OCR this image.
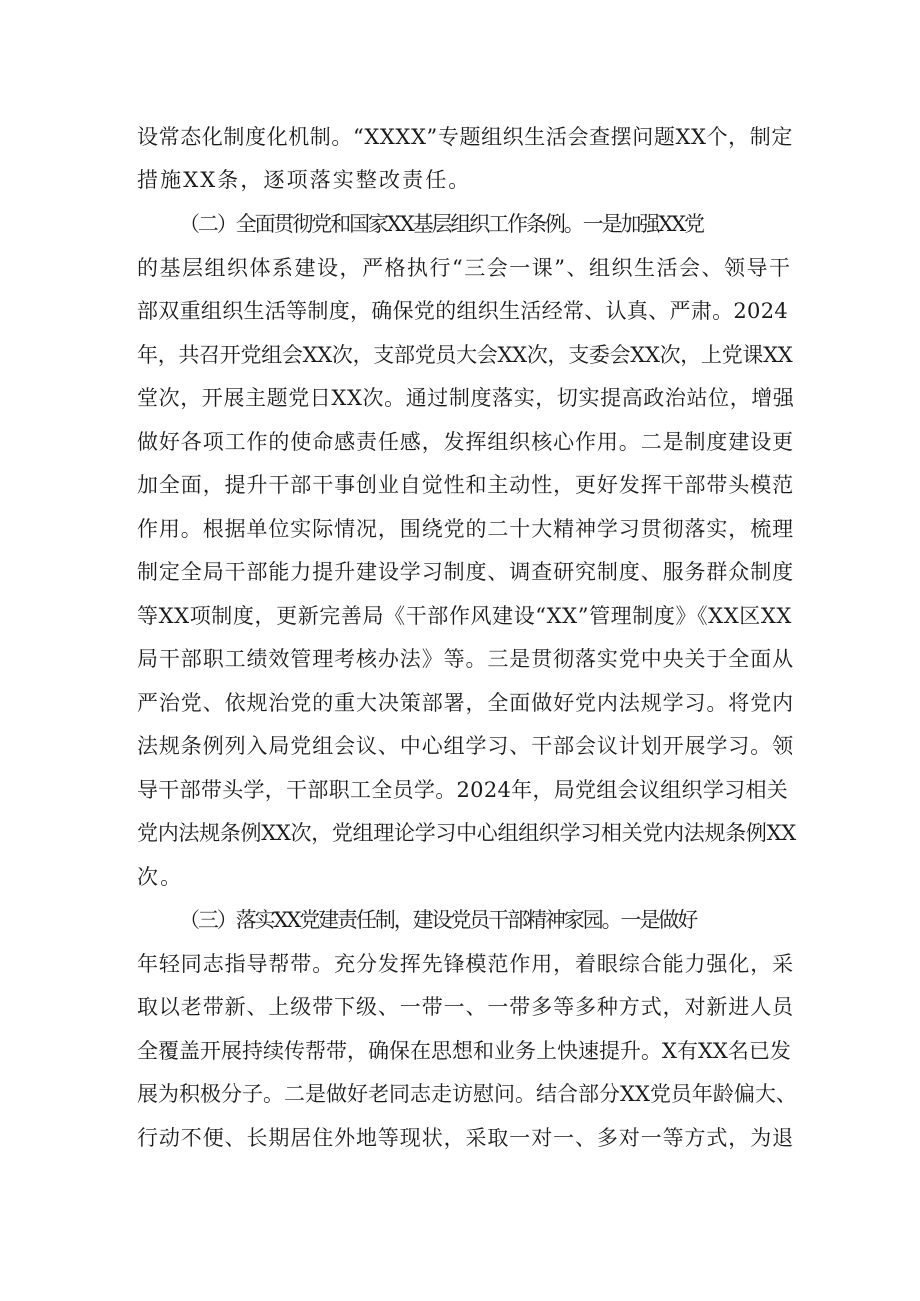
设常态化制度化机制。“XXXX”专题组织生活会查摆问题XX个，制定
措施XX条，逐项落实整改责任。
（二）全面贯彻党和国家XX基层组织工作条例。一是加强XX党
的基层组织体系建设，严格执行“三会一课”、组织生活会、领导干
部双重组织生活等制度，确保党的组织生活经常、认真、严肃。2024
年，共召开党组会XX次，支部党员大会XX次，支委会XX次，上党课XX
堂次，开展主题党日XX次。通过制度落实，切实提高政治站位，增强
做好各项工作的使命感责任感，发挥组织核心作用。二是制度建设更
加全面，提升干部干事创业自觉性和主动性，更好发挥干部带头模范
作用。根据单位实际情况，围绕党的二十大精神学习贯彻落实，梳理
制定全局干部能力提升建设学习制度、调查研究制度、服务群众制度
等XX项制度，更新完善局《干部作风建设“XX”管理制度》《XX区XX
局干部职工绩效管理考核办法》等。三是贯彻落实党中央关于全面从
严治党、依规治党的重大决策部署，全面做好党内法规学习。将党内
法规条例列入局党组会议、中心组学习、干部会议计划开展学习。领
导干部带头学，干部职工全员学。2024年，局党组会议组织学习相关
党内法规条例XX次，党组理论学习中心组组织学习相关党内法规条例XX
次。
（三）落实XX党建责任制，建设党员干部精神家园。一是做好
年轻同志指导帮带。充分发挥先锋模范作用，着眼综合能力强化，采
取以老带新、上级带下级、一带一、一带多等多种方式，对新进人员
全覆盖开展持续传帮带，确保在思想和业务上快速提升。X有XX名已发
展为积极分子。二是做好老同志走访慰问。结合部分XX党员年龄偏大、
行动不便、长期居住外地等现状，采取一对一、多对一等方式，为退
